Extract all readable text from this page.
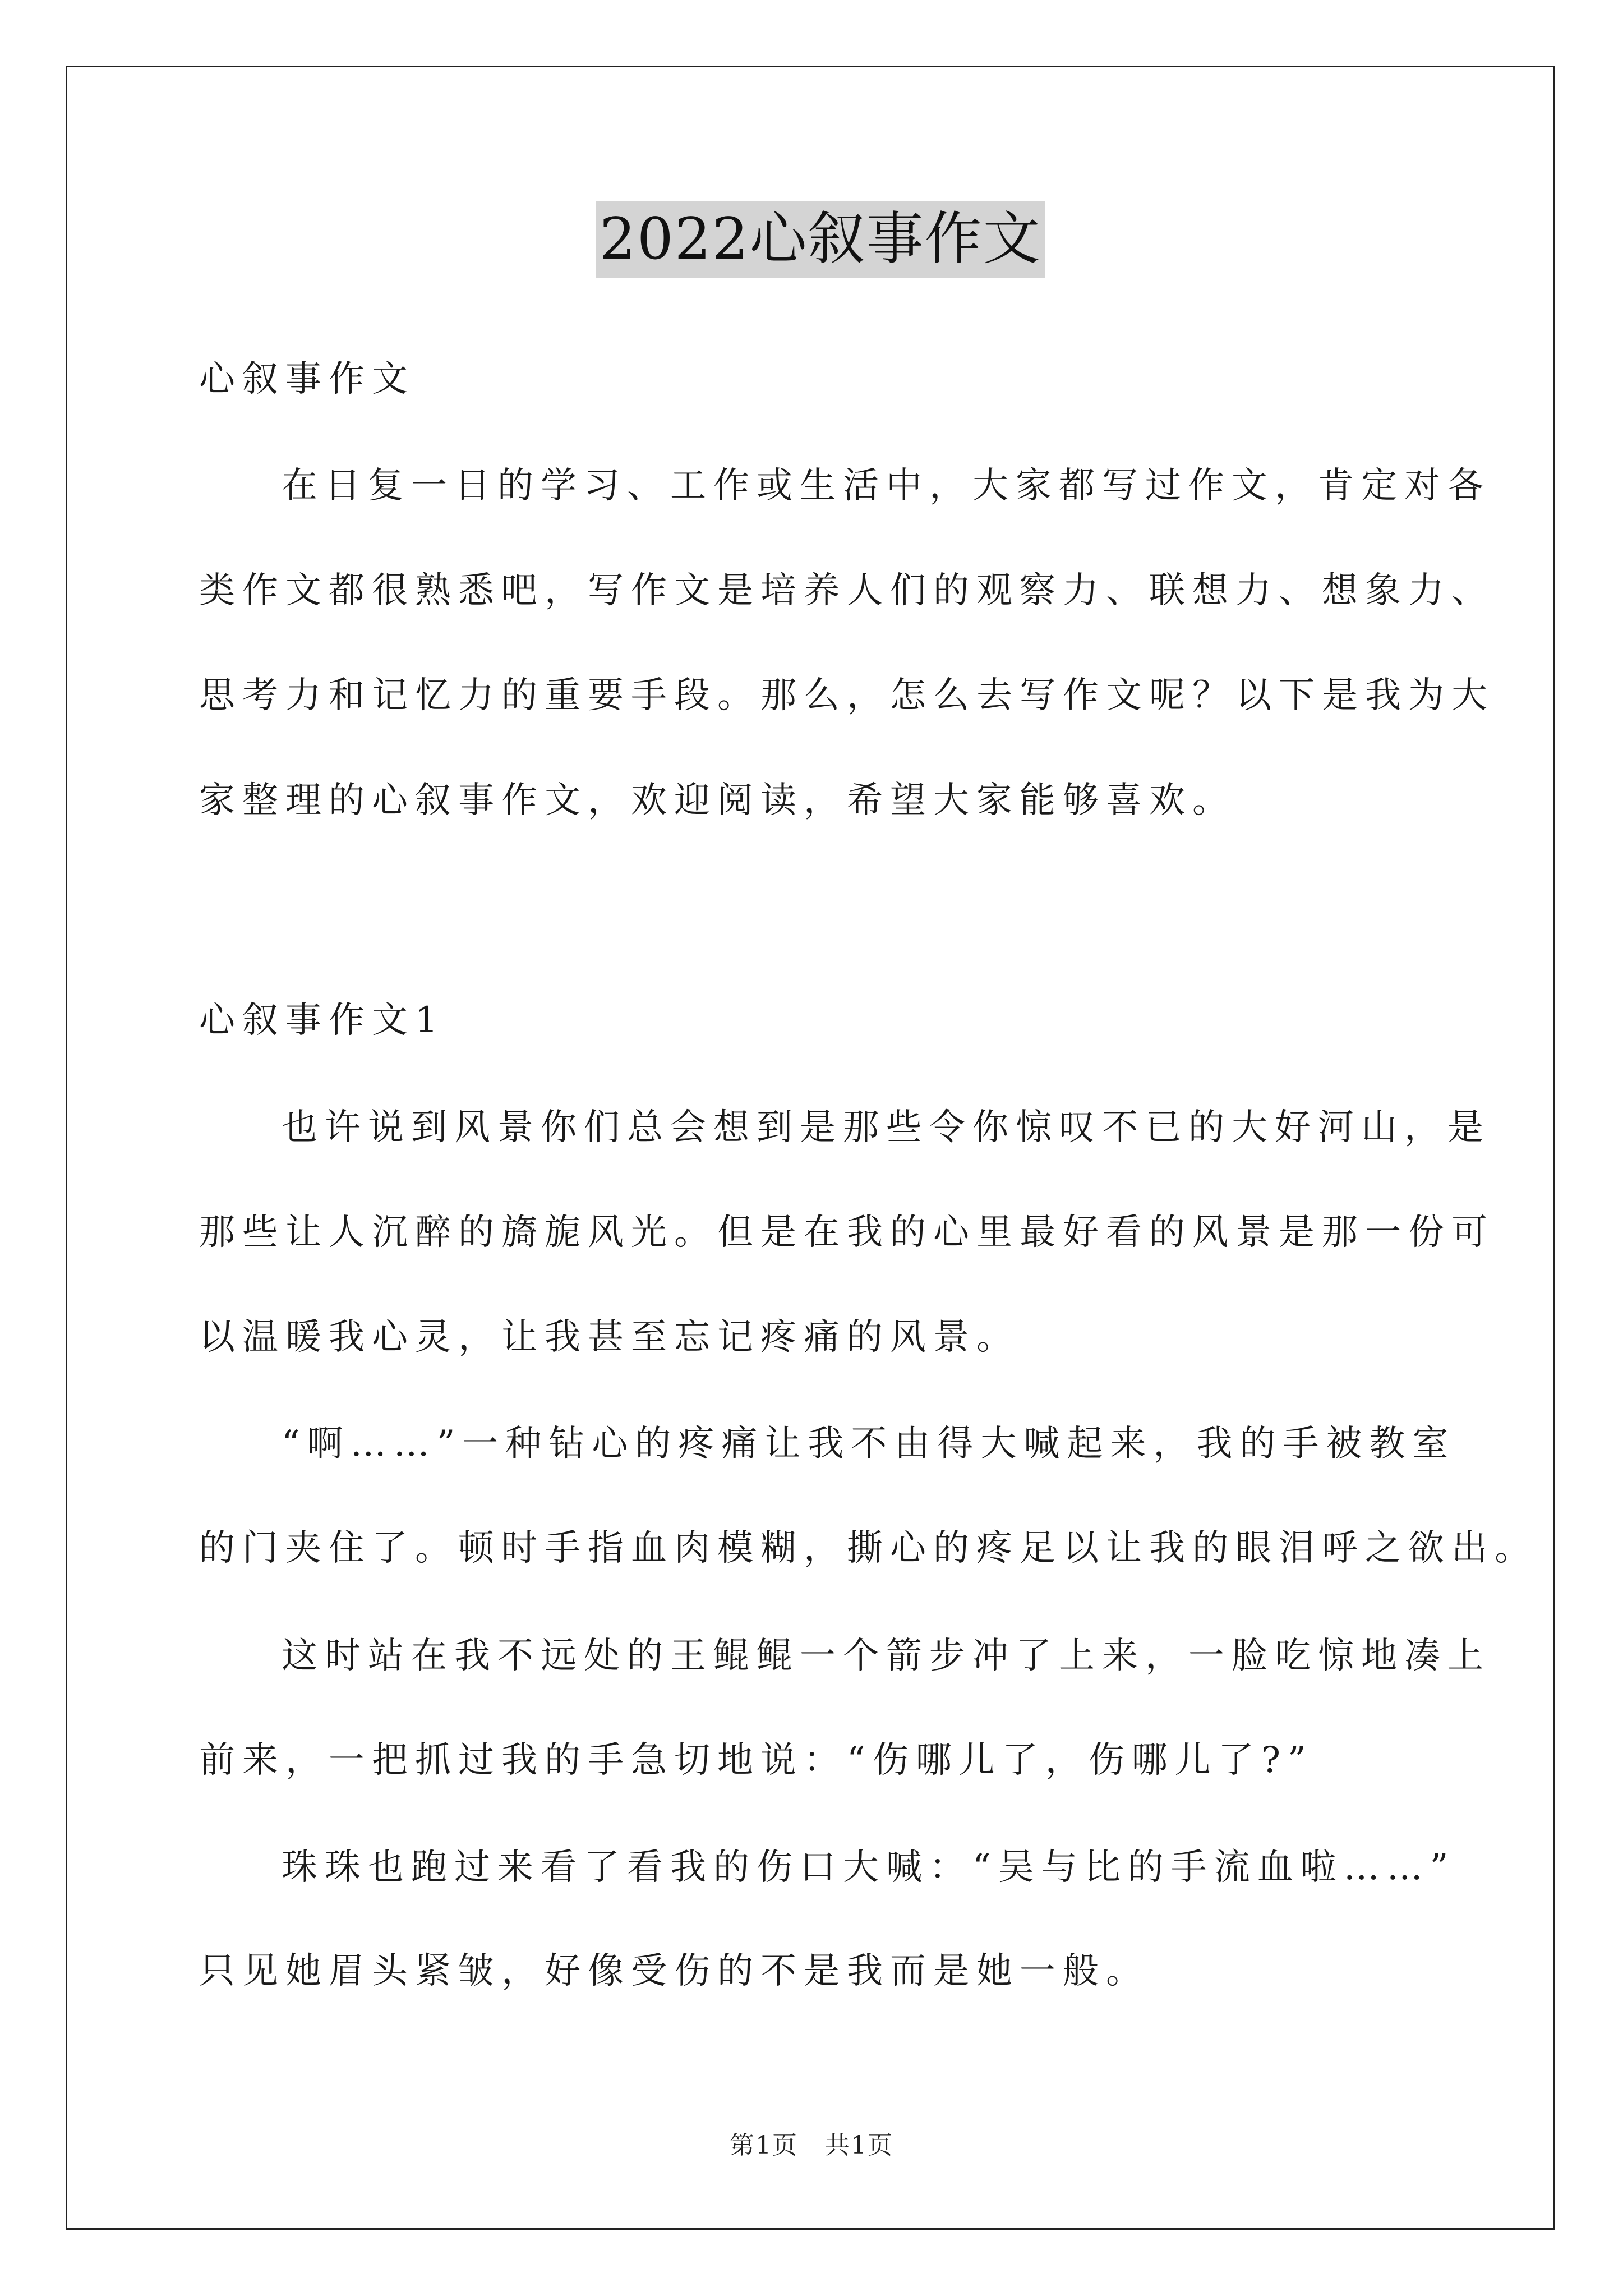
2022心叙事作文
心叙事作文
在日复一日的学习、工作或生活中，大家都写过作文，肯定对各
类作文都很熟悉吧，写作文是培养人们的观察力、联想力、想象力、
思考力和记忆力的重要手段。那么，怎么去写作文呢？以下是我为大
家整理的心叙事作文，欢迎阅读，希望大家能够喜欢。
心叙事作文1
也许说到风景你们总会想到是那些令你惊叹不已的大好河山，是
那些让人沉醉的旖旎风光。但是在我的心里最好看的风景是那一份可
以温暖我心灵，让我甚至忘记疼痛的风景。
“啊……”一种钻心的疼痛让我不由得大喊起来，我的手被教室
的门夹住了。顿时手指血肉模糊，撕心的疼足以让我的眼泪呼之欲出。
这时站在我不远处的王鲲鲲一个箭步冲了上来，一脸吃惊地凑上
前来，一把抓过我的手急切地说：“伤哪儿了，伤哪儿了?”
珠珠也跑过来看了看我的伤口大喊：“吴与比的手流血啦……”
只见她眉头紧皱，好像受伤的不是我而是她一般。
第1页 共1页
